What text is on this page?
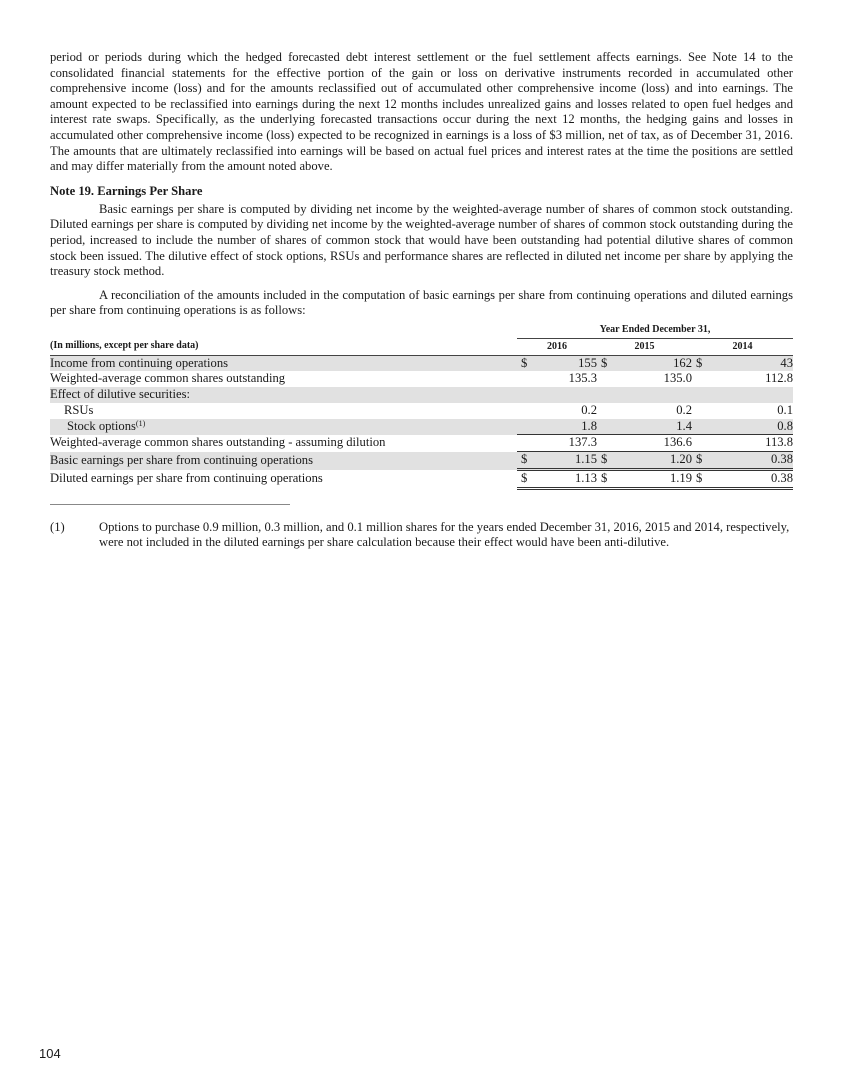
period or periods during which the hedged forecasted debt interest settlement or the fuel settlement affects earnings. See Note 14 to the consolidated financial statements for the effective portion of the gain or loss on derivative instruments recorded in accumulated other comprehensive income (loss) and for the amounts reclassified out of accumulated other comprehensive income (loss) and into earnings. The amount expected to be reclassified into earnings during the next 12 months includes unrealized gains and losses related to open fuel hedges and interest rate swaps. Specifically, as the underlying forecasted transactions occur during the next 12 months, the hedging gains and losses in accumulated other comprehensive income (loss) expected to be recognized in earnings is a loss of $3 million, net of tax, as of December 31, 2016. The amounts that are ultimately reclassified into earnings will be based on actual fuel prices and interest rates at the time the positions are settled and may differ materially from the amount noted above.

Note 19. Earnings Per Share

Basic earnings per share is computed by dividing net income by the weighted-average number of shares of common stock outstanding. Diluted earnings per share is computed by dividing net income by the weighted-average number of shares of common stock outstanding during the period, increased to include the number of shares of common stock that would have been outstanding had potential dilutive shares of common stock been issued. The dilutive effect of stock options, RSUs and performance shares are reflected in diluted net income per share by applying the treasury stock method.

A reconciliation of the amounts included in the computation of basic earnings per share from continuing operations and diluted earnings per share from continuing operations is as follows:

	Year Ended December 31,					
(In millions, except per share data)	2016		2015		2014	
Income from continuing operations	$	155	$	162	$	43
Weighted-average common shares outstanding		135.3		135.0		112.8
Effect of dilutive securities:						
RSUs		0.2		0.2		0.1
Stock options$^{(1)}$		1.8		1.4		0.8
Weighted-average common shares outstanding - assuming dilution		137.3		136.6		113.8
Basic earnings per share from continuing operations	$	1.15	$	1.20	$	0.38
Diluted earnings per share from continuing operations	$	1.13	$	1.19	$	0.38
(1)	Options to purchase 0.9 million, 0.3 million, and 0.1 million shares for the years ended December 31, 2016, 2015 and 2014, respectively, were not included in the diluted earnings per share calculation because their effect would have been anti-dilutive.
104
